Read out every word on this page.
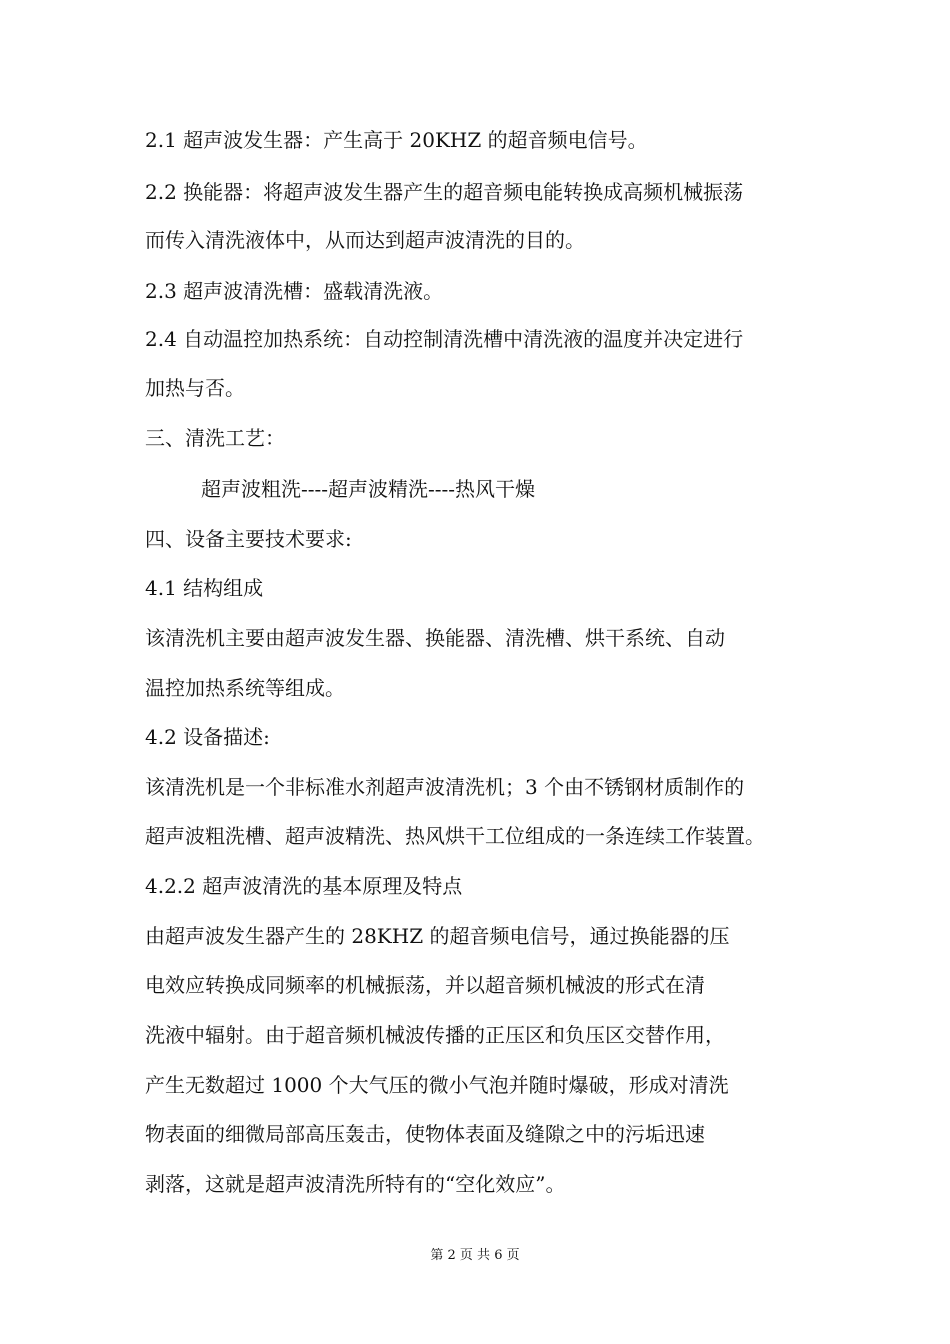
2.1 超声波发生器：产生高于 20KHZ 的超音频电信号。
2.2 换能器：将超声波发生器产生的超音频电能转换成高频机械振荡
而传入清洗液体中，从而达到超声波清洗的目的。
2.3 超声波清洗槽：盛载清洗液。
2.4 自动温控加热系统：自动控制清洗槽中清洗液的温度并决定进行
加热与否。
三、清洗工艺：
超声波粗洗----超声波精洗----热风干燥
四、设备主要技术要求:
4.1 结构组成
该清洗机主要由超声波发生器、换能器、清洗槽、烘干系统、自动
温控加热系统等组成。
4.2 设备描述:
该清洗机是一个非标准水剂超声波清洗机；3 个由不锈钢材质制作的
超声波粗洗槽、超声波精洗、热风烘干工位组成的一条连续工作装置。
4.2.2 超声波清洗的基本原理及特点
由超声波发生器产生的 28KHZ 的超音频电信号，通过换能器的压
电效应转换成同频率的机械振荡，并以超音频机械波的形式在清
洗液中辐射。由于超音频机械波传播的正压区和负压区交替作用，
产生无数超过 1000 个大气压的微小气泡并随时爆破，形成对清洗
物表面的细微局部高压轰击，使物体表面及缝隙之中的污垢迅速
剥落，这就是超声波清洗所特有的“空化效应”。
第 2 页 共 6 页
